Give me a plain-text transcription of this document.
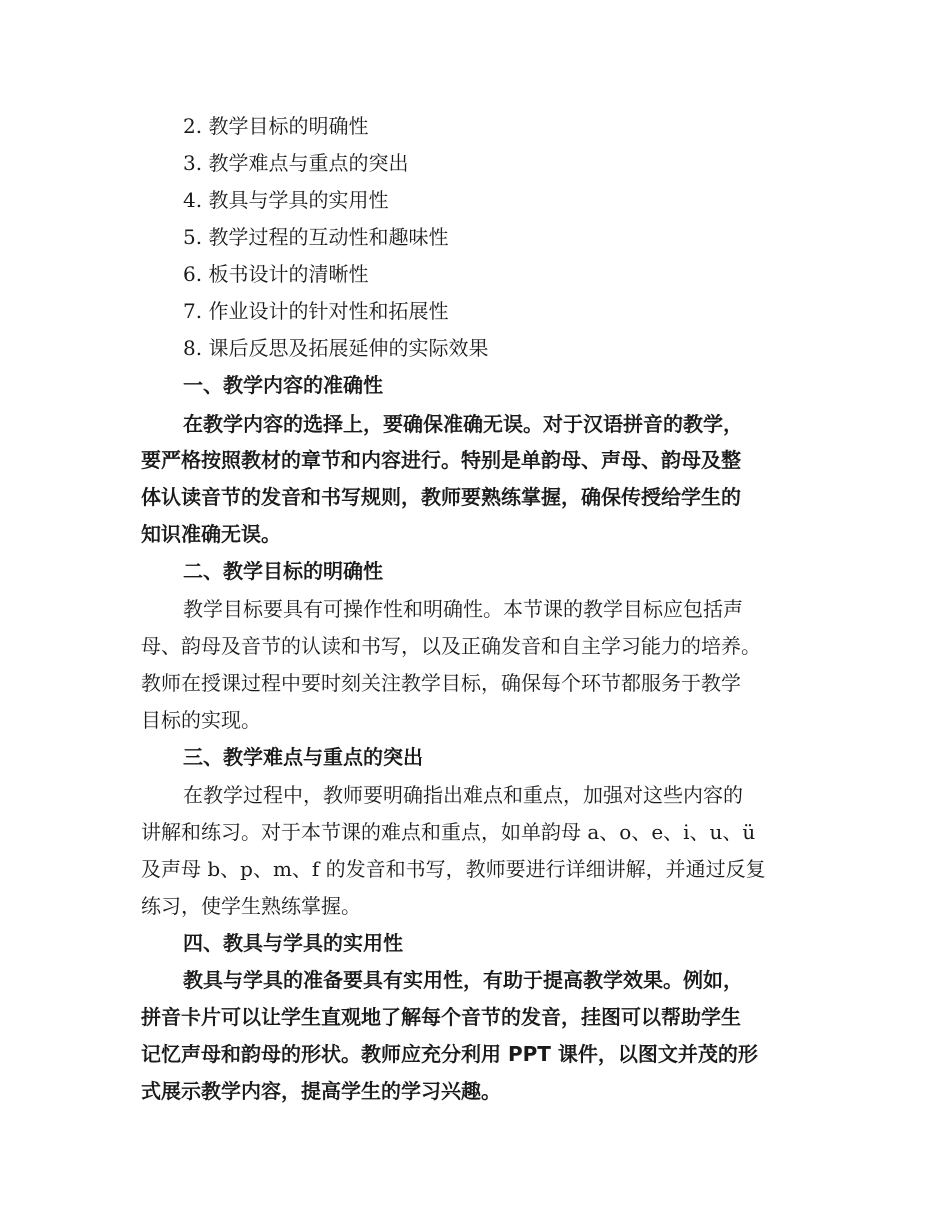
2. 教学目标的明确性
3. 教学难点与重点的突出
4. 教具与学具的实用性
5. 教学过程的互动性和趣味性
6. 板书设计的清晰性
7. 作业设计的针对性和拓展性
8. 课后反思及拓展延伸的实际效果
一、教学内容的准确性
在教学内容的选择上，要确保准确无误。对于汉语拼音的教学，
要严格按照教材的章节和内容进行。特别是单韵母、声母、韵母及整
体认读音节的发音和书写规则，教师要熟练掌握，确保传授给学生的
知识准确无误。
二、教学目标的明确性
教学目标要具有可操作性和明确性。本节课的教学目标应包括声
母、韵母及音节的认读和书写，以及正确发音和自主学习能力的培养。
教师在授课过程中要时刻关注教学目标，确保每个环节都服务于教学
目标的实现。
三、教学难点与重点的突出
在教学过程中，教师要明确指出难点和重点，加强对这些内容的
讲解和练习。对于本节课的难点和重点，如单韵母 a、o、e、i、u、ü
及声母 b、p、m、f 的发音和书写，教师要进行详细讲解，并通过反复
练习，使学生熟练掌握。
四、教具与学具的实用性
教具与学具的准备要具有实用性，有助于提高教学效果。例如，
拼音卡片可以让学生直观地了解每个音节的发音，挂图可以帮助学生
记忆声母和韵母的形状。教师应充分利用 PPT 课件，以图文并茂的形
式展示教学内容，提高学生的学习兴趣。
